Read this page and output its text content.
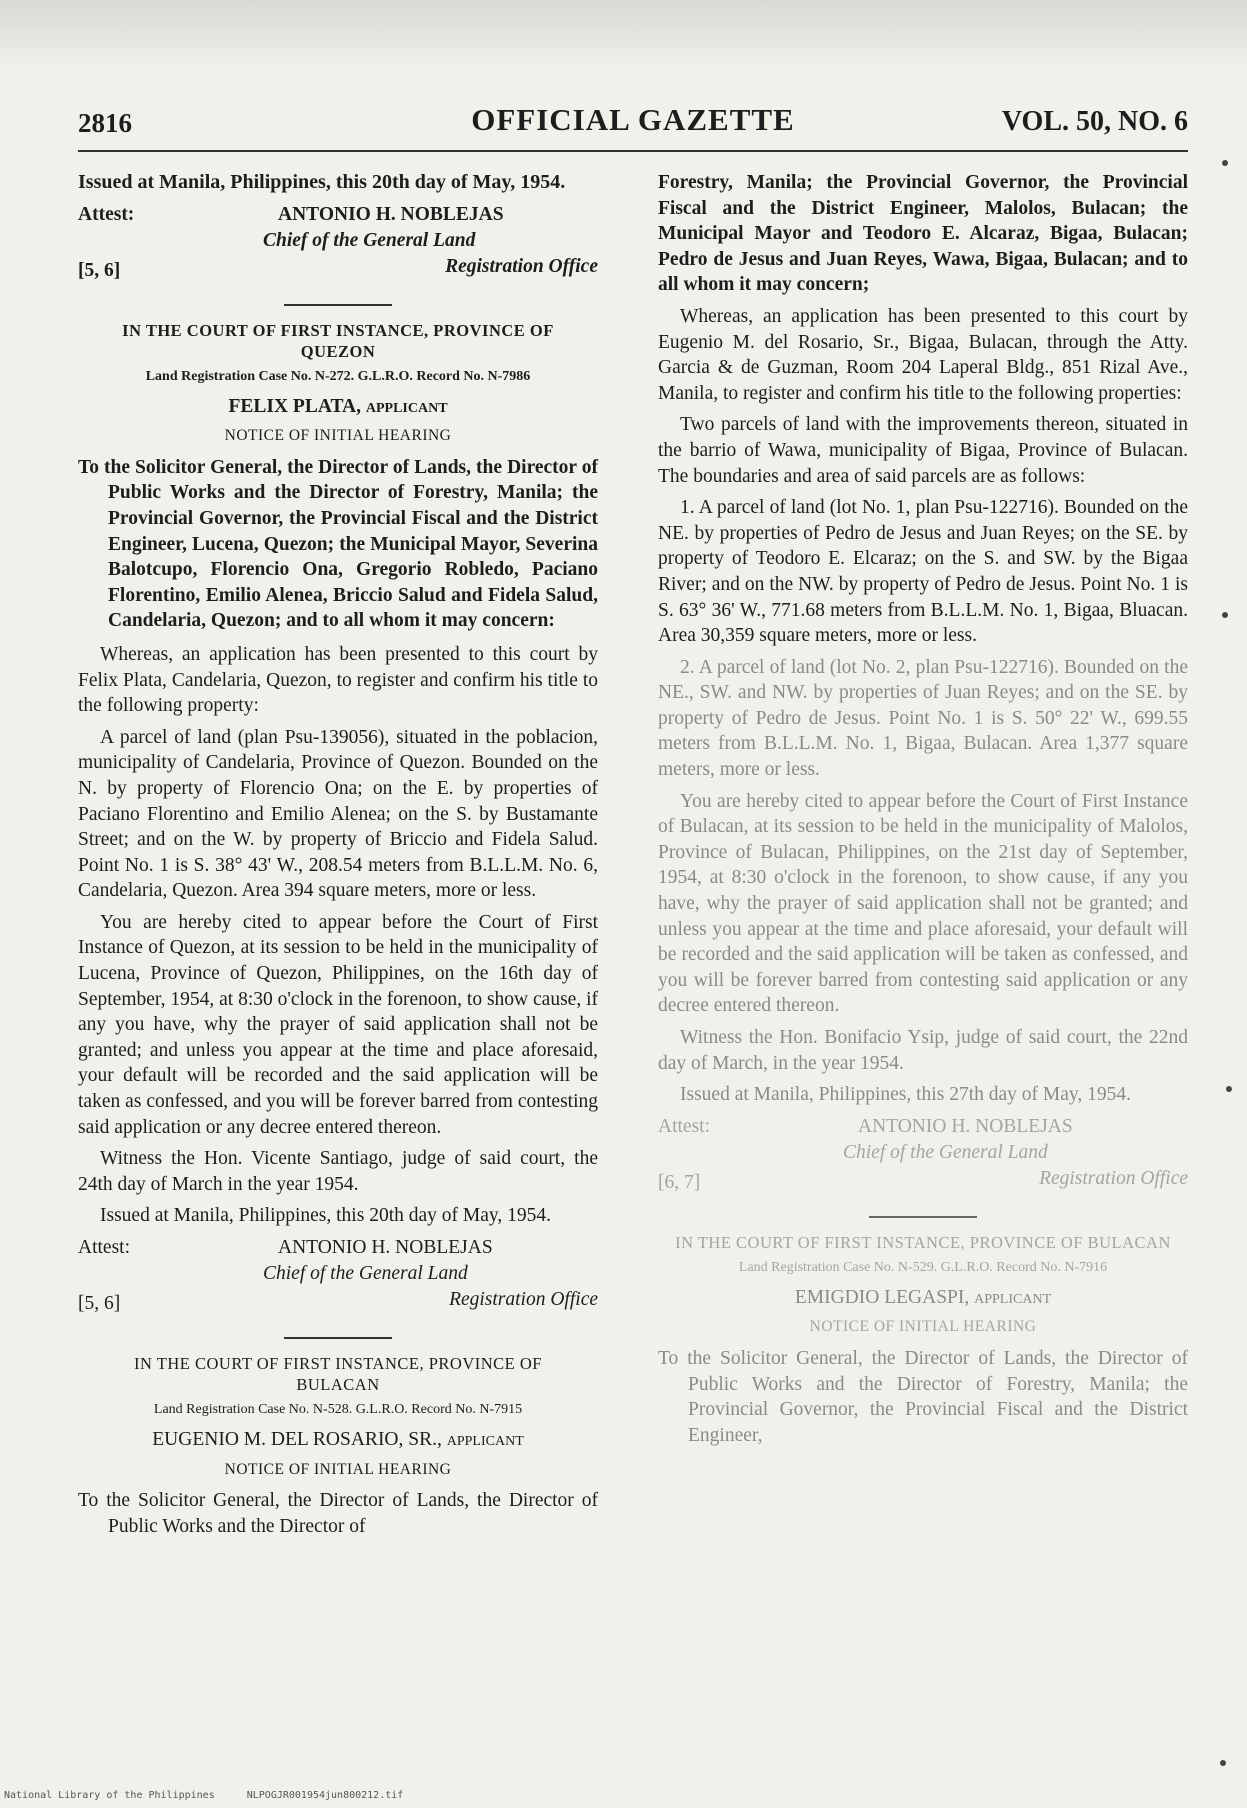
2816	OFFICIAL GAZETTE	VOL. 50, NO. 6

Issued at Manila, Philippines, this 20th day of May, 1954.

Attest:	ANTONIO H. NOBLEJAS
Chief of the General Land
Registration Office
[5, 6]
IN THE COURT OF FIRST INSTANCE, PROVINCE OF QUEZON
Land Registration Case No. N-272. G.L.R.O. Record No. N-7986
FELIX PLATA, applicant
NOTICE OF INITIAL HEARING

To the Solicitor General, the Director of Lands, the Director of Public Works and the Director of Forestry, Manila; the Provincial Governor, the Provincial Fiscal and the District Engineer, Lucena, Quezon; the Municipal Mayor, Severina Balotcupo, Florencio Ona, Gregorio Robledo, Paciano Florentino, Emilio Alenea, Briccio Salud and Fidela Salud, Candelaria, Quezon; and to all whom it may concern:

Whereas, an application has been presented to this court by Felix Plata, Candelaria, Quezon, to register and confirm his title to the following property:

A parcel of land (plan Psu-139056), situated in the poblacion, municipality of Candelaria, Province of Quezon. Bounded on the N. by property of Florencio Ona; on the E. by properties of Paciano Florentino and Emilio Alenea; on the S. by Bustamante Street; and on the W. by property of Briccio and Fidela Salud. Point No. 1 is S. 38° 43' W., 208.54 meters from B.L.L.M. No. 6, Candelaria, Quezon. Area 394 square meters, more or less.

You are hereby cited to appear before the Court of First Instance of Quezon, at its session to be held in the municipality of Lucena, Province of Quezon, Philippines, on the 16th day of September, 1954, at 8:30 o'clock in the forenoon, to show cause, if any you have, why the prayer of said application shall not be granted; and unless you appear at the time and place aforesaid, your default will be recorded and the said application will be taken as confessed, and you will be forever barred from contesting said application or any decree entered thereon.

Witness the Hon. Vicente Santiago, judge of said court, the 24th day of March in the year 1954.

Issued at Manila, Philippines, this 20th day of May, 1954.

Attest:	ANTONIO H. NOBLEJAS
Chief of the General Land
Registration Office
[5, 6]
IN THE COURT OF FIRST INSTANCE, PROVINCE OF BULACAN
Land Registration Case No. N-528. G.L.R.O. Record No. N-7915
EUGENIO M. DEL ROSARIO, SR., applicant
NOTICE OF INITIAL HEARING

To the Solicitor General, the Director of Lands, the Director of Public Works and the Director of

Forestry, Manila; the Provincial Governor, the Provincial Fiscal and the District Engineer, Malolos, Bulacan; the Municipal Mayor and Teodoro E. Alcaraz, Bigaa, Bulacan; Pedro de Jesus and Juan Reyes, Wawa, Bigaa, Bulacan; and to all whom it may concern;

Whereas, an application has been presented to this court by Eugenio M. del Rosario, Sr., Bigaa, Bulacan, through the Atty. Garcia & de Guzman, Room 204 Laperal Bldg., 851 Rizal Ave., Manila, to register and confirm his title to the following properties:

Two parcels of land with the improvements thereon, situated in the barrio of Wawa, municipality of Bigaa, Province of Bulacan. The boundaries and area of said parcels are as follows:

1. A parcel of land (lot No. 1, plan Psu-122716). Bounded on the NE. by properties of Pedro de Jesus and Juan Reyes; on the SE. by property of Teodoro E. Elcaraz; on the S. and SW. by the Bigaa River; and on the NW. by property of Pedro de Jesus. Point No. 1 is S. 63° 36' W., 771.68 meters from B.L.L.M. No. 1, Bigaa, Bluacan. Area 30,359 square meters, more or less.

2. A parcel of land (lot No. 2, plan Psu-122716). Bounded on the NE., SW. and NW. by properties of Juan Reyes; and on the SE. by property of Pedro de Jesus. Point No. 1 is S. 50° 22' W., 699.55 meters from B.L.L.M. No. 1, Bigaa, Bulacan. Area 1,377 square meters, more or less.

You are hereby cited to appear before the Court of First Instance of Bulacan, at its session to be held in the municipality of Malolos, Province of Bulacan, Philippines, on the 21st day of September, 1954, at 8:30 o'clock in the forenoon, to show cause, if any you have, why the prayer of said application shall not be granted; and unless you appear at the time and place aforesaid, your default will be recorded and the said application will be taken as confessed, and you will be forever barred from contesting said application or any decree entered thereon.

Witness the Hon. Bonifacio Ysip, judge of said court, the 22nd day of March, in the year 1954.

Issued at Manila, Philippines, this 27th day of May, 1954.

Attest:	ANTONIO H. NOBLEJAS
Chief of the General Land
Registration Office
[6, 7]
IN THE COURT OF FIRST INSTANCE, PROVINCE OF BULACAN
Land Registration Case No. N-529. G.L.R.O. Record No. N-7916
EMIGDIO LEGASPI, applicant
NOTICE OF INITIAL HEARING

To the Solicitor General, the Director of Lands, the Director of Public Works and the Director of Forestry, Manila; the Provincial Governor, the Provincial Fiscal and the District Engineer,

National Library of the Philippines	NLPOGJR001954jun800212.tif
